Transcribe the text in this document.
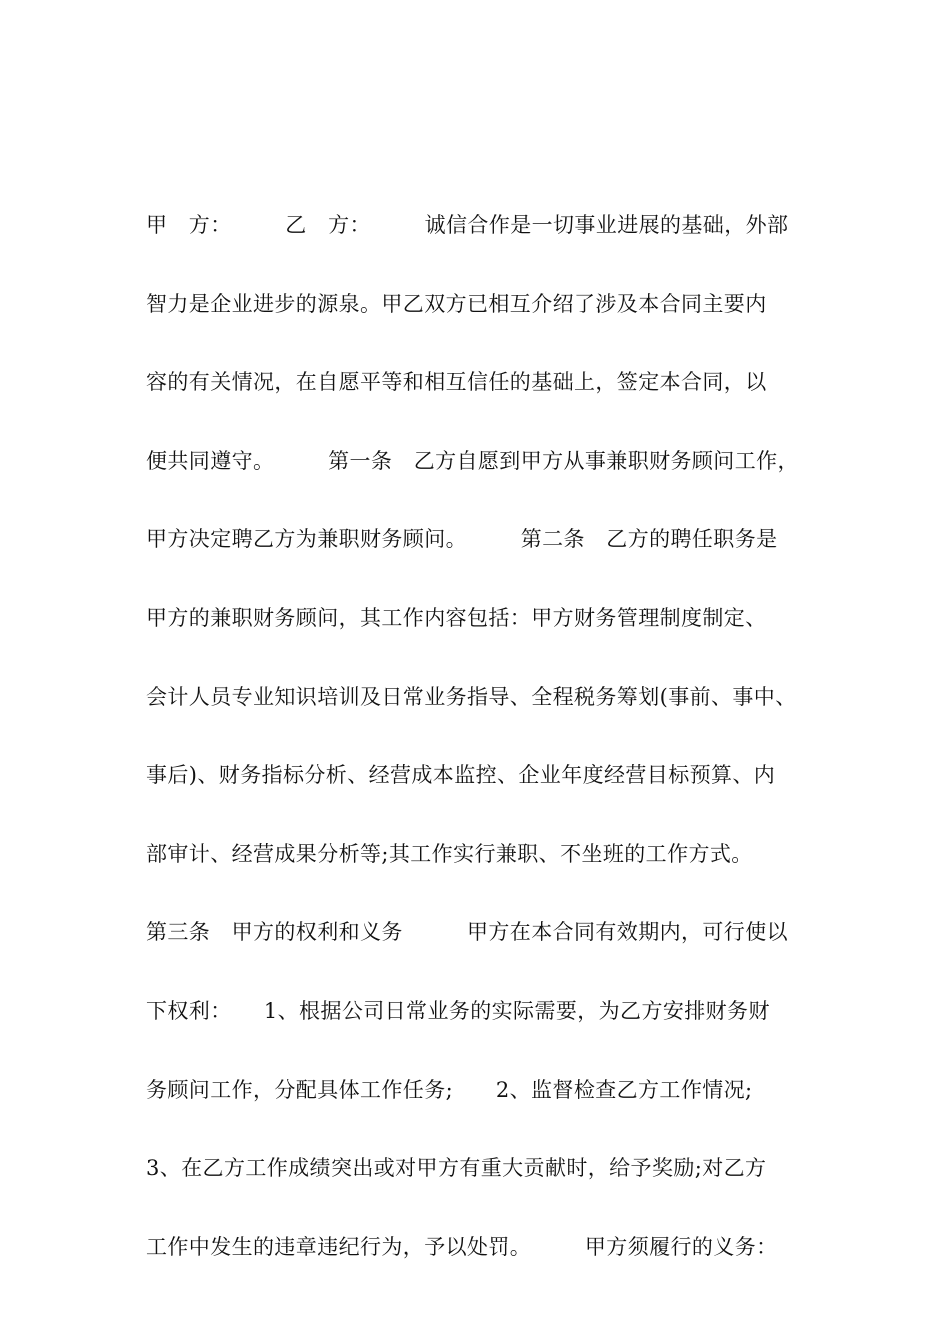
甲　方：　　　乙　方：　　　诚信合作是一切事业进展的基础，外部
智力是企业进步的源泉。甲乙双方已相互介绍了涉及本合同主要内
容的有关情况，在自愿平等和相互信任的基础上，签定本合同，以
便共同遵守。　　　第一条　乙方自愿到甲方从事兼职财务顾问工作，
甲方决定聘乙方为兼职财务顾问。　　　第二条　乙方的聘任职务是
甲方的兼职财务顾问，其工作内容包括：甲方财务管理制度制定、
会计人员专业知识培训及日常业务指导、全程税务筹划(事前、事中、
事后)、财务指标分析、经营成本监控、企业年度经营目标预算、内
部审计、经营成果分析等;其工作实行兼职、不坐班的工作方式。
第三条　甲方的权利和义务　　　甲方在本合同有效期内，可行使以
下权利：　　1、根据公司日常业务的实际需要，为乙方安排财务财
务顾问工作，分配具体工作任务;　　2、监督检查乙方工作情况;
3、在乙方工作成绩突出或对甲方有重大贡献时，给予奖励;对乙方
工作中发生的违章违纪行为，予以处罚。　　　甲方须履行的义务：
